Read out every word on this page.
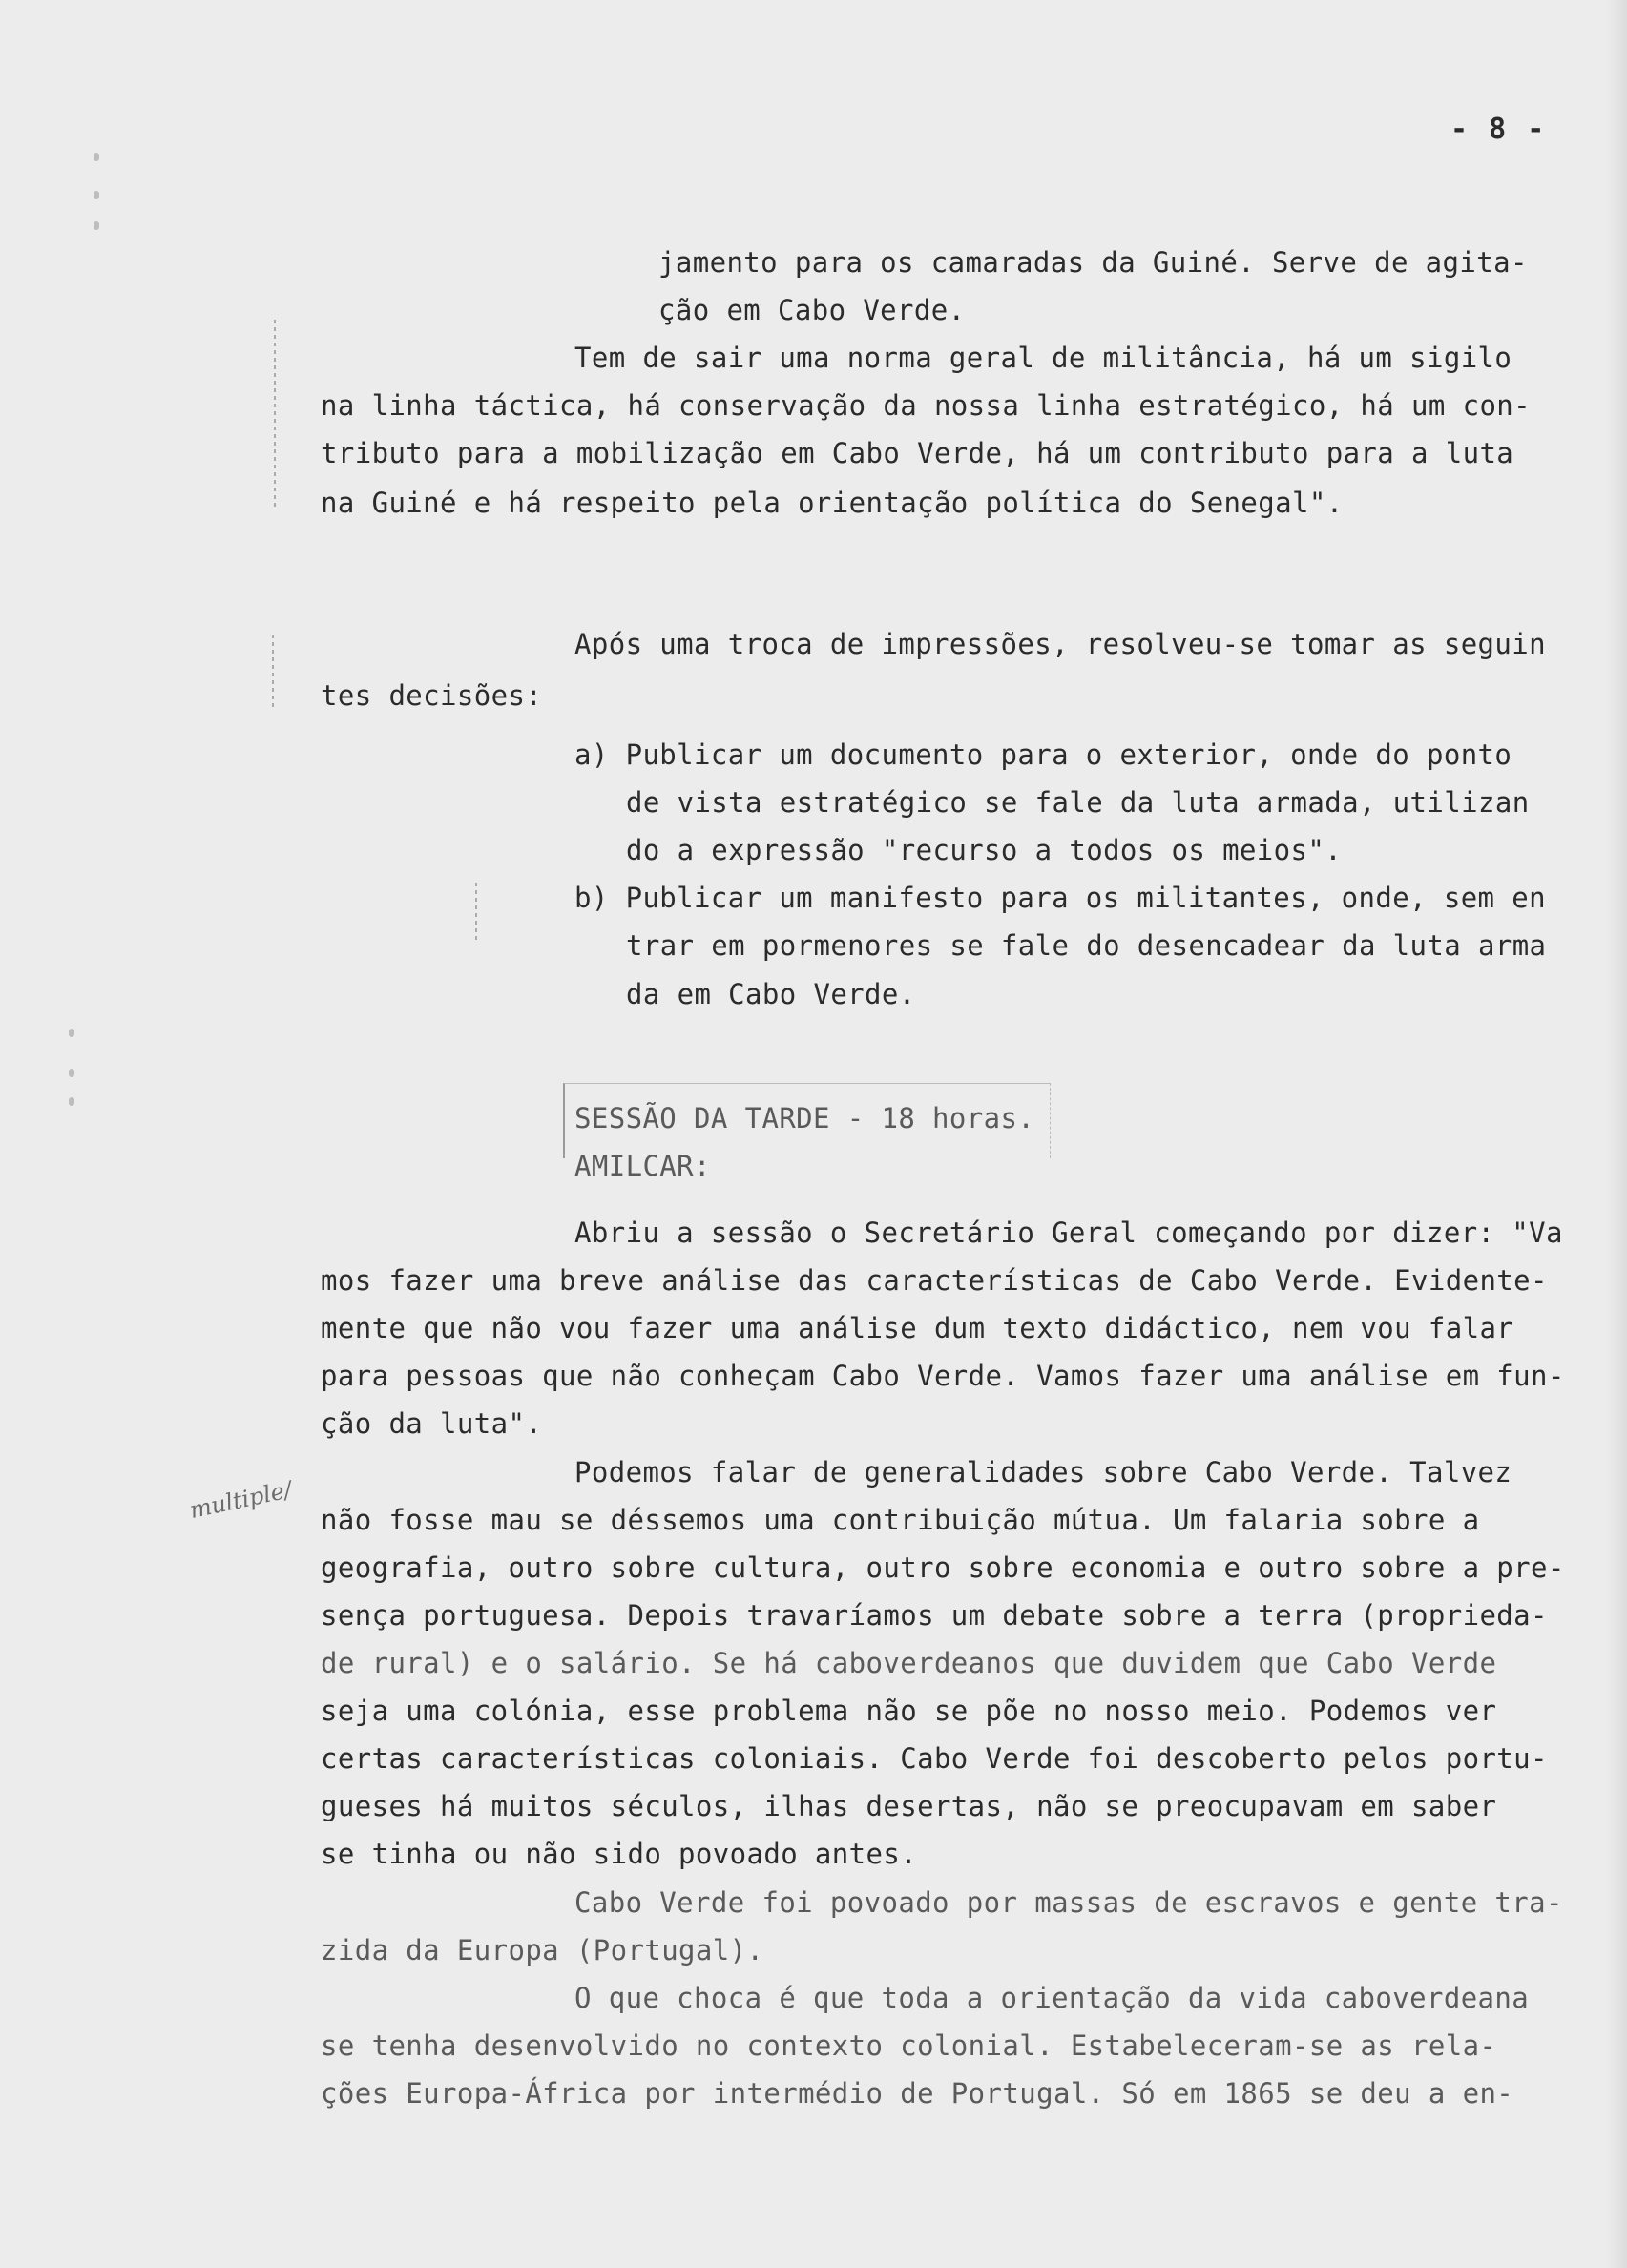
- 8 -
multiple/
jamento para os camaradas da Guiné. Serve de agita-
ção em Cabo Verde.
Tem de sair uma norma geral de militância, há um sigilo
na linha táctica, há conservação da nossa linha estratégico, há um con-
tributo para a mobilização em Cabo Verde, há um contributo para a luta
na Guiné e há respeito pela orientação política do Senegal".
Após uma troca de impressões, resolveu-se tomar as seguin
tes decisões:
a) Publicar um documento para o exterior, onde do ponto
de vista estratégico se fale da luta armada, utilizan
do a expressão "recurso a todos os meios".
b) Publicar um manifesto para os militantes, onde, sem en
trar em pormenores se fale do desencadear da luta arma
da em Cabo Verde.
SESSÃO DA TARDE - 18 horas.
AMILCAR:
Abriu a sessão o Secretário Geral começando por dizer: "Va
mos fazer uma breve análise das características de Cabo Verde. Evidente-
mente que não vou fazer uma análise dum texto didáctico, nem vou falar
para pessoas que não conheçam Cabo Verde. Vamos fazer uma análise em fun-
ção da luta".
Podemos falar de generalidades sobre Cabo Verde. Talvez
não fosse mau se déssemos uma contribuição mútua. Um falaria sobre a
geografia, outro sobre cultura, outro sobre economia e outro sobre a pre-
sença portuguesa. Depois travaríamos um debate sobre a terra (proprieda-
de rural) e o salário. Se há caboverdeanos que duvidem que Cabo Verde
seja uma colónia, esse problema não se põe no nosso meio. Podemos ver
certas características coloniais. Cabo Verde foi descoberto pelos portu-
gueses há muitos séculos, ilhas desertas, não se preocupavam em saber
se tinha ou não sido povoado antes.
Cabo Verde foi povoado por massas de escravos e gente tra-
zida da Europa (Portugal).
O que choca é que toda a orientação da vida caboverdeana
se tenha desenvolvido no contexto colonial. Estabeleceram-se as rela-
ções Europa-África por intermédio de Portugal. Só em 1865 se deu a en-
